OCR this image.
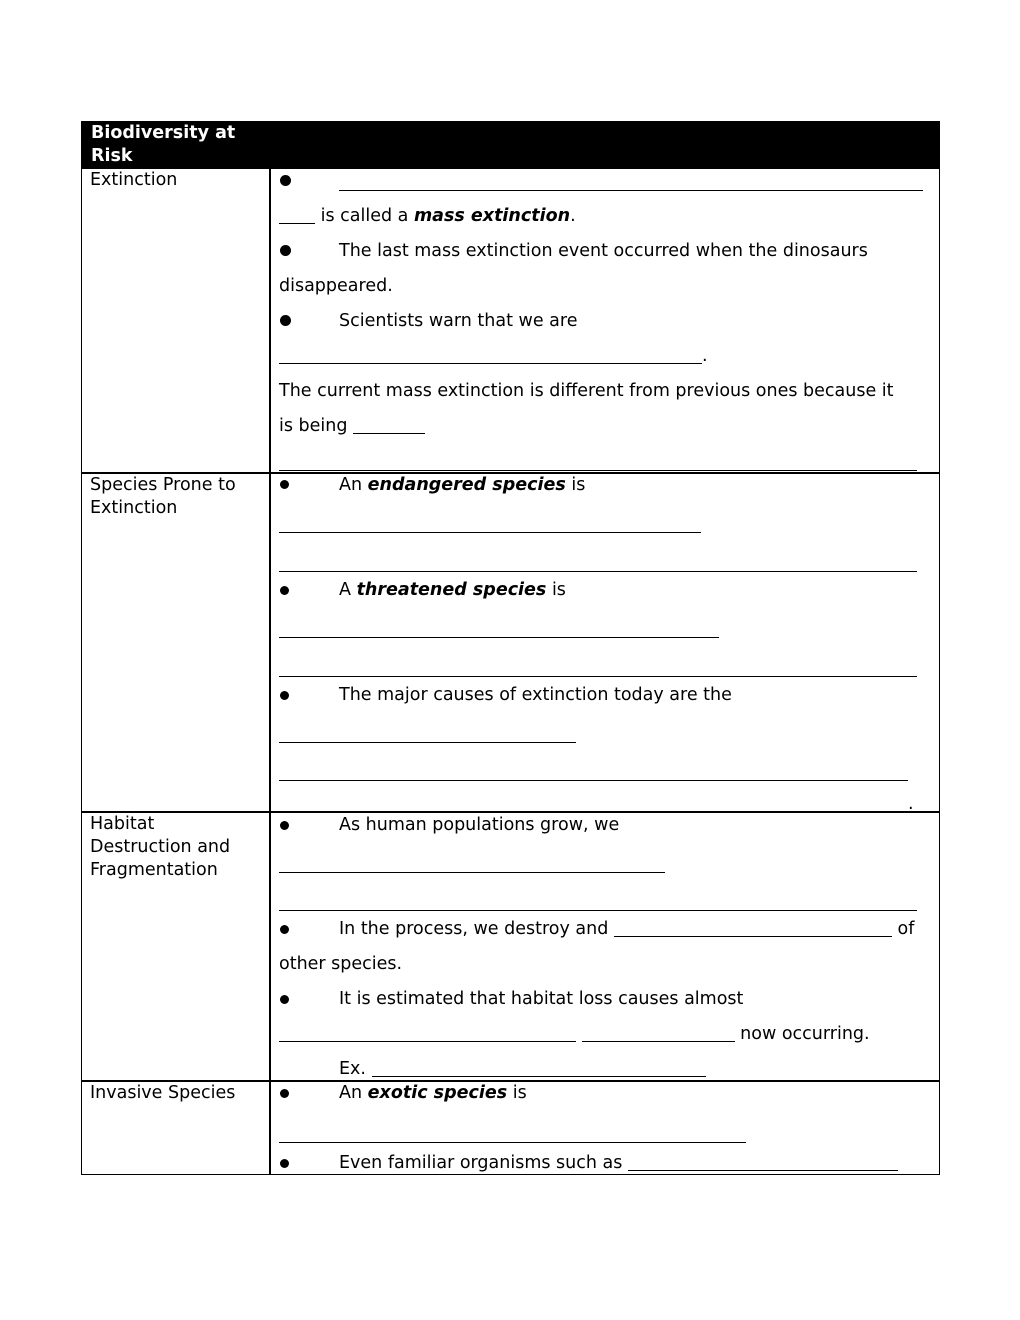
Biodiversity at Risk
Extinction
is called a mass extinction.
The last mass extinction event occurred when the dinosaurs
disappeared.
Scientists warn that we are
.
The current mass extinction is different from previous ones because it
is being
Species Prone to Extinction
An endangered species is
A threatened species is
The major causes of extinction today are the
.
Habitat Destruction and Fragmentation
As human populations grow, we
In the process, we destroy and	of
other species.
It is estimated that habitat loss causes almost
now occurring.
Ex.
Invasive Species	An exotic species is
Even familiar organisms such as
